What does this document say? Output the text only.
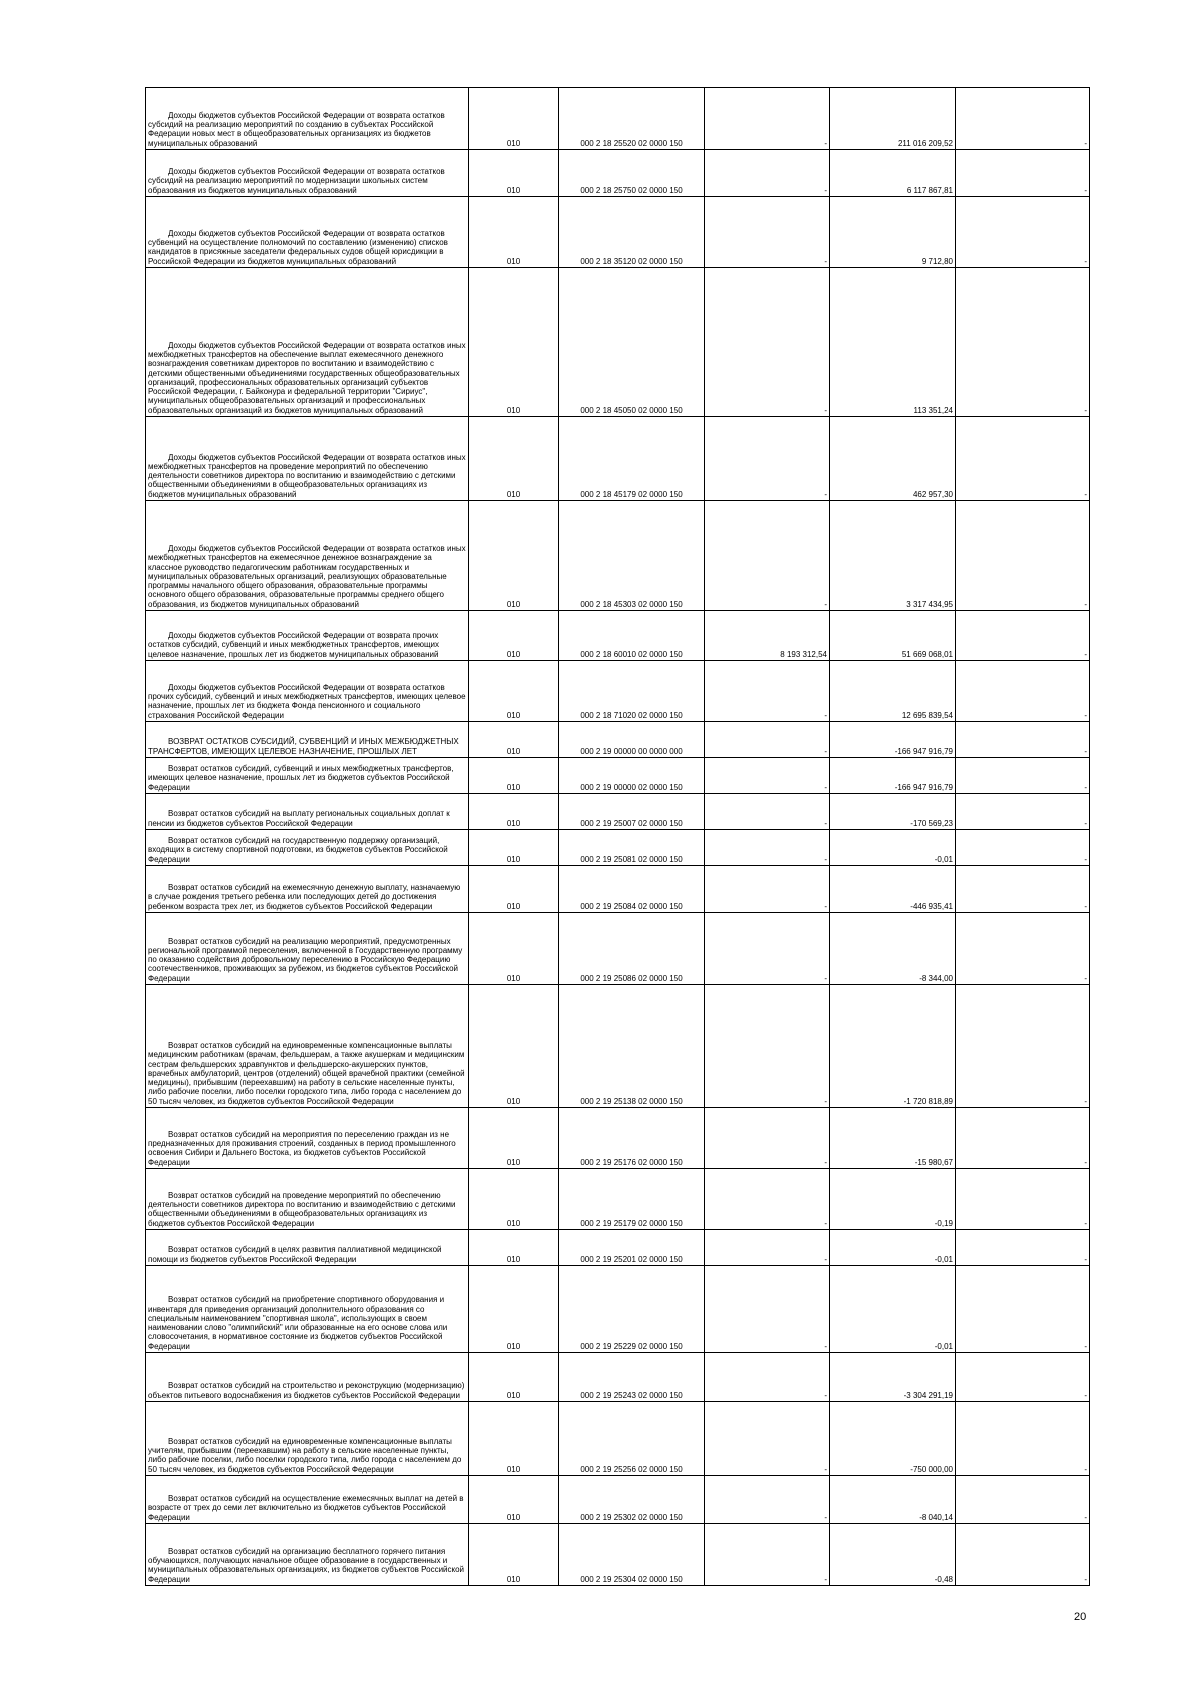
Доходы бюджетов субъектов Российской Федерации от возврата остатков субсидий на реализацию мероприятий по созданию в субъектах Российской Федерации новых мест в общеобразовательных организациях из бюджетов муниципальных образований	010	000 2 18 25520 02 0000 150	-	211 016 209,52	-

Доходы бюджетов субъектов Российской Федерации от возврата остатков субсидий на реализацию мероприятий по модернизации школьных систем образования из бюджетов муниципальных образований	010	000 2 18 25750 02 0000 150	-	6 117 867,81	-

Доходы бюджетов субъектов Российской Федерации от возврата остатков субвенций на осуществление полномочий по составлению (изменению) списков кандидатов в присяжные заседатели федеральных судов общей юрисдикции в Российской Федерации из бюджетов муниципальных образований	010	000 2 18 35120 02 0000 150	-	9 712,80	-

Доходы бюджетов субъектов Российской Федерации от возврата остатков иных межбюджетных трансфертов на обеспечение выплат ежемесячного денежного вознаграждения советникам директоров по воспитанию и взаимодействию с детскими общественными объединениями государственных общеобразовательных организаций, профессиональных образовательных организаций субъектов Российской Федерации, г. Байконура и федеральной территории "Сириус", муниципальных общеобразовательных организаций и профессиональных образовательных организаций из бюджетов муниципальных образований	010	000 2 18 45050 02 0000 150	-	113 351,24	-

Доходы бюджетов субъектов Российской Федерации от возврата остатков иных межбюджетных трансфертов на проведение мероприятий по обеспечению деятельности советников директора по воспитанию и взаимодействию с детскими общественными объединениями в общеобразовательных организациях из бюджетов муниципальных образований	010	000 2 18 45179 02 0000 150	-	462 957,30	-

Доходы бюджетов субъектов Российской Федерации от возврата остатков иных межбюджетных трансфертов на ежемесячное денежное вознаграждение за классное руководство педагогическим работникам государственных и муниципальных образовательных организаций, реализующих образовательные программы начального общего образования, образовательные программы основного общего образования, образовательные программы среднего общего образования, из бюджетов муниципальных образований	010	000 2 18 45303 02 0000 150	-	3 317 434,95	-

Доходы бюджетов субъектов Российской Федерации от возврата прочих остатков субсидий, субвенций и иных межбюджетных трансфертов, имеющих целевое назначение, прошлых лет из бюджетов муниципальных образований	010	000 2 18 60010 02 0000 150	8 193 312,54	51 669 068,01	-

Доходы бюджетов субъектов Российской Федерации от возврата остатков прочих субсидий, субвенций и иных межбюджетных трансфертов, имеющих целевое назначение, прошлых лет из бюджета Фонда пенсионного и социального страхования Российской Федерации	010	000 2 18 71020 02 0000 150	-	12 695 839,54	-

ВОЗВРАТ ОСТАТКОВ СУБСИДИЙ, СУБВЕНЦИЙ И ИНЫХ МЕЖБЮДЖЕТНЫХ ТРАНСФЕРТОВ, ИМЕЮЩИХ ЦЕЛЕВОЕ НАЗНАЧЕНИЕ, ПРОШЛЫХ ЛЕТ	010	000 2 19 00000 00 0000 000	-	-166 947 916,79	-

Возврат остатков субсидий, субвенций и иных межбюджетных трансфертов, имеющих целевое назначение, прошлых лет из бюджетов субъектов Российской Федерации	010	000 2 19 00000 02 0000 150	-	-166 947 916,79	-

Возврат остатков субсидий на выплату региональных социальных доплат к пенсии из бюджетов субъектов Российской Федерации	010	000 2 19 25007 02 0000 150	-	-170 569,23	-

Возврат остатков субсидий на государственную поддержку организаций, входящих в систему спортивной подготовки, из бюджетов субъектов Российской Федерации	010	000 2 19 25081 02 0000 150	-	-0,01	-

Возврат остатков субсидий на ежемесячную денежную выплату, назначаемую в случае рождения третьего ребенка или последующих детей до достижения ребенком возраста трех лет, из бюджетов субъектов Российской Федерации	010	000 2 19 25084 02 0000 150	-	-446 935,41	-

Возврат остатков субсидий на реализацию мероприятий, предусмотренных региональной программой переселения, включенной в Государственную программу по оказанию содействия добровольному переселению в Российскую Федерацию соотечественников, проживающих за рубежом, из бюджетов субъектов Российской Федерации	010	000 2 19 25086 02 0000 150	-	-8 344,00	-

Возврат остатков субсидий на единовременные компенсационные выплаты медицинским работникам (врачам, фельдшерам, а также акушеркам и медицинским сестрам фельдшерских здравпунктов и фельдшерско-акушерских пунктов, врачебных амбулаторий, центров (отделений) общей врачебной практики (семейной медицины), прибывшим (переехавшим) на работу в сельские населенные пункты, либо рабочие поселки, либо поселки городского типа, либо города с населением до 50 тысяч человек, из бюджетов субъектов Российской Федерации	010	000 2 19 25138 02 0000 150	-	-1 720 818,89	-

Возврат остатков субсидий на мероприятия по переселению граждан из не предназначенных для проживания строений, созданных в период промышленного освоения Сибири и Дальнего Востока, из бюджетов субъектов Российской Федерации	010	000 2 19 25176 02 0000 150	-	-15 980,67	-

Возврат остатков субсидий на проведение мероприятий по обеспечению деятельности советников директора по воспитанию и взаимодействию с детскими общественными объединениями в общеобразовательных организациях из бюджетов субъектов Российской Федерации	010	000 2 19 25179 02 0000 150	-	-0,19	-

Возврат остатков субсидий в целях развития паллиативной медицинской помощи из бюджетов субъектов Российской Федерации	010	000 2 19 25201 02 0000 150	-	-0,01	-

Возврат остатков субсидий на приобретение спортивного оборудования и инвентаря для приведения организаций дополнительного образования со специальным наименованием "спортивная школа", использующих в своем наименовании слово "олимпийский" или образованные на его основе слова или словосочетания, в нормативное состояние из бюджетов субъектов Российской Федерации	010	000 2 19 25229 02 0000 150	-	-0,01	-

Возврат остатков субсидий на строительство и реконструкцию (модернизацию) объектов питьевого водоснабжения из бюджетов субъектов Российской Федерации	010	000 2 19 25243 02 0000 150	-	-3 304 291,19	-

Возврат остатков субсидий на единовременные компенсационные выплаты учителям, прибывшим (переехавшим) на работу в сельские населенные пункты, либо рабочие поселки, либо поселки городского типа, либо города с населением до 50 тысяч человек, из бюджетов субъектов Российской Федерации	010	000 2 19 25256 02 0000 150	-	-750 000,00	-

Возврат остатков субсидий на осуществление ежемесячных выплат на детей в возрасте от трех до семи лет включительно из бюджетов субъектов Российской Федерации	010	000 2 19 25302 02 0000 150	-	-8 040,14	-

Возврат остатков субсидий на организацию бесплатного горячего питания обучающихся, получающих начальное общее образование в государственных и муниципальных образовательных организациях, из бюджетов субъектов Российской Федерации	010	000 2 19 25304 02 0000 150	-	-0,48	-
20
